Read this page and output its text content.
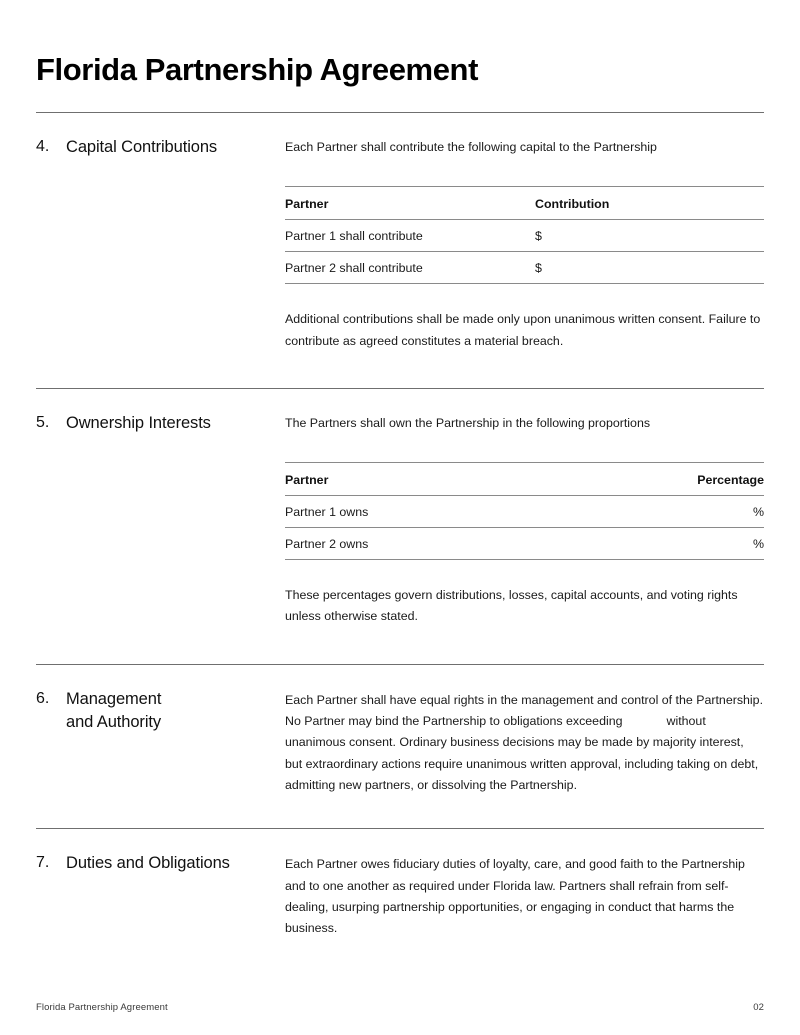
Florida Partnership Agreement
4.	Capital Contributions	Each Partner shall contribute the following capital to the Partnership

Partner	Contribution
Partner 1 shall contribute	$
Partner 2 shall contribute	$

Additional contributions shall be made only upon unanimous written consent. Failure to contribute as agreed constitutes a material breach.

5.	Ownership Interests	The Partners shall own the Partnership in the following proportions

Partner	Percentage
Partner 1 owns	%
Partner 2 owns	%

These percentages govern distributions, losses, capital accounts, and voting rights unless otherwise stated.

6.	Management
and Authority

Each Partner shall have equal rights in the management and control of the Partnership. No Partner may bind the Partnership to obligations exceeding	without unanimous consent. Ordinary business decisions may be made by majority interest, but extraordinary actions require unanimous written approval, including taking on debt, admitting new partners, or dissolving the Partnership.

7.	Duties and Obligations	Each Partner owes fiduciary duties of loyalty, care, and good faith to the Partnership and to one another as required under Florida law. Partners shall refrain from self-dealing, usurping partnership opportunities, or engaging in conduct that harms the business.

Florida Partnership Agreement	02
